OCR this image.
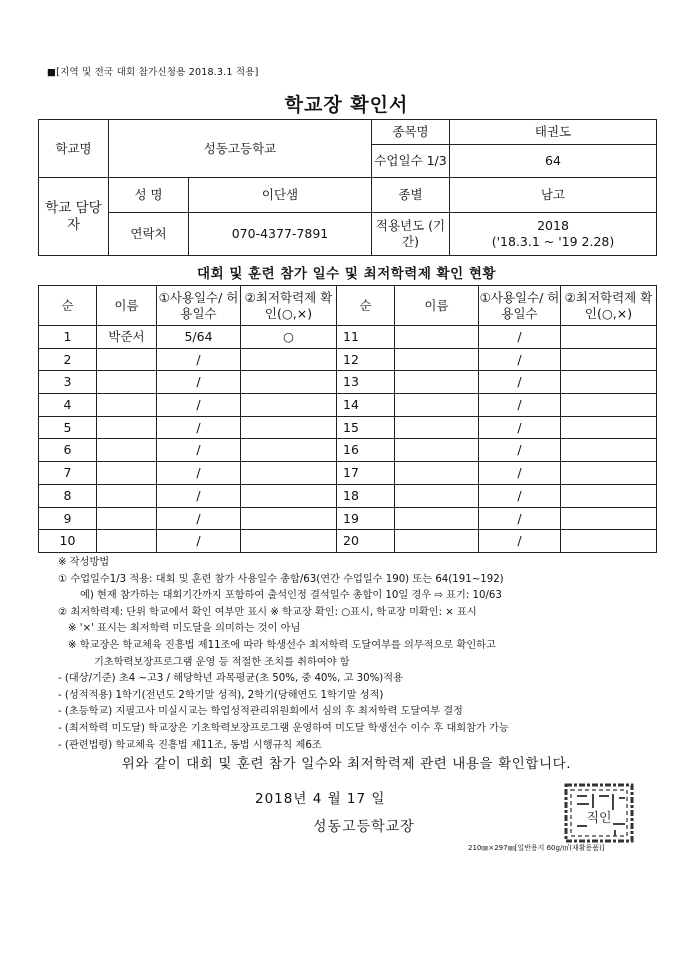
■[지역 및 전국 대회 참가신청용 2018.3.1 적용]
학교장 확인서
학교명	성동고등학교		종목명	태권도
			수업일수 1/3	64
학교 담당자	성 명	이단샘	종별	남고
	연락처	070-4377-7891	적용년도 (기간)	2018
('18.3.1 ~ '19 2.28)
대회 및 훈련 참가 일수 및 최저학력제 확인 현황
순	이름	①사용일수/ 허용일수	②최저학력제 확인(○,×)	순	이름	①사용일수/ 허용일수	②최저학력제 확인(○,×)
1	박준서	5/64	○	11		/	
2		/		12		/	
3		/		13		/	
4		/		14		/	
5		/		15		/	
6		/		16		/	
7		/		17		/	
8		/		18		/	
9		/		19		/	
10		/		20		/	
※ 작성방법
① 수업일수1/3 적용: 대회 및 훈련 참가 사용일수 총합/63(연간 수업일수 190) 또는 64(191~192)
예) 현재 참가하는 대회기간까지 포함하여 출석인정 결석일수 총합이 10일 경우 ⇨ 표기: 10/63
② 최저학력제: 단위 학교에서 확인 여부만 표시 ※ 학교장 확인: ○표시, 학교장 미확인: × 표시
※ '×' 표시는 최저학력 미도달을 의미하는 것이 아님
※ 학교장은 학교체육 진흥법 제11조에 따라 학생선수 최저학력 도달여부를 의무적으로 확인하고
기초학력보장프로그램 운영 등 적절한 조치를 취하여야 함
- (대상/기준) 초4 ~고3 / 해당학년 과목평균(초 50%, 중 40%, 고 30%)적용
- (성적적용) 1학기(전년도 2학기말 성적), 2학기(당해연도 1학기말 성적)
- (초등학교) 지필고사 미실시교는 학업성적관리위원회에서 심의 후 최저학력 도달여부 결정
- (최저학력 미도달) 학교장은 기초학력보장프로그램 운영하여 미도달 학생선수 이수 후 대회참가 가능
- (관련법령) 학교체육 진흥법 제11조, 동법 시행규칙 제6조
위와 같이 대회 및 훈련 참가 일수와 최저학력제 관련 내용을 확인합니다.
2018년 4 월 17 일
성동고등학교장
210㎜×297㎜[일반용지 60g/㎡(재활용품)]
직인
